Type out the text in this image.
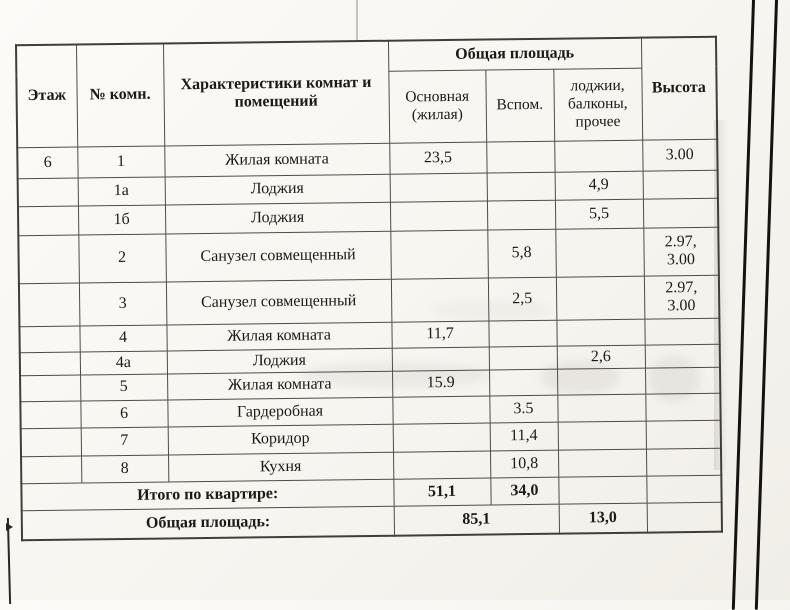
Этаж	№ комн.	Характеристики комнат и помещений	Общая площадь			Высота
			Основная (жилая)	Вспом.	лоджии, балконы, прочее	
6	1	Жилая комната	23,5			3.00
	1а	Лоджия			4,9	
	1б	Лоджия			5,5	
	2	Санузел совмещенный		5,8		2.97,
3.00
	3	Санузел совмещенный		2,5		2.97,
3.00
	4	Жилая комната	11,7			
	4а	Лоджия			2,6	
	5	Жилая комната	15.9			
	6	Гардеробная		3.5		
	7	Коридор		11,4		
	8	Кухня		10,8		
Итого по квартире:			51,1	34,0		
Общая площадь:			85,1		13,0	
